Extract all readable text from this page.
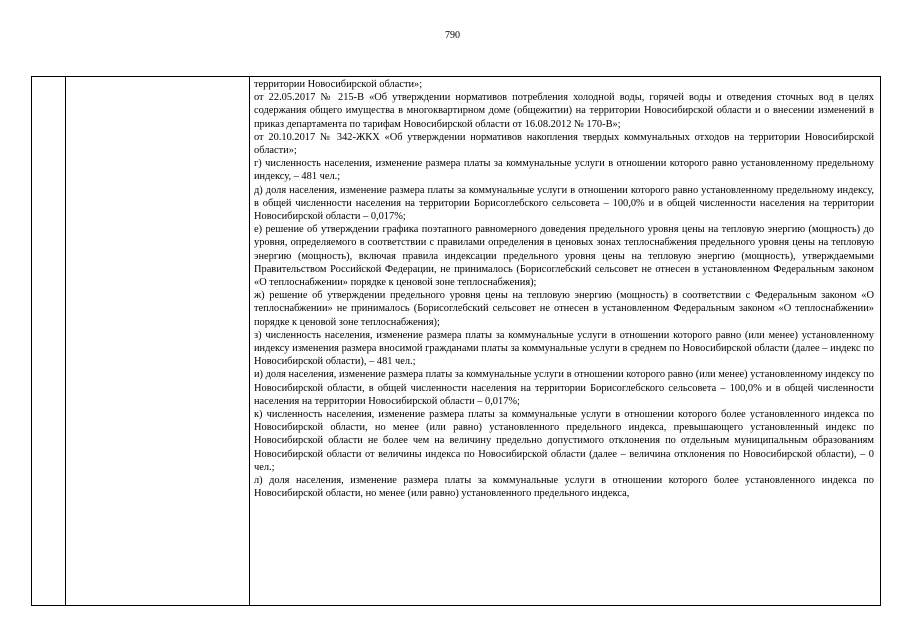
790

территории Новосибирской области»;

от 22.05.2017 № 215-В «Об утверждении нормативов потребления холодной воды, горячей воды и отведения сточных вод в целях содержания общего имущества в многоквартирном доме (общежитии) на территории Новосибирской области и о внесении изменений в приказ департамента по тарифам Новосибирской области от 16.08.2012 № 170-В»;

от 20.10.2017 № 342-ЖКХ «Об утверждении нормативов накопления твердых коммунальных отходов на территории Новосибирской области»;

г) численность населения, изменение размера платы за коммунальные услуги в отношении которого равно установленному предельному индексу, – 481 чел.;

д) доля населения, изменение размера платы за коммунальные услуги в отношении которого равно установленному предельному индексу, в общей численности населения на территории Борисоглебского сельсовета – 100,0% и в общей численности населения на территории Новосибирской области – 0,017%;

е) решение об утверждении графика поэтапного равномерного доведения предельного уровня цены на тепловую энергию (мощность) до уровня, определяемого в соответствии с правилами определения в ценовых зонах теплоснабжения предельного уровня цены на тепловую энергию (мощность), включая правила индексации предельного уровня цены на тепловую энергию (мощность), утверждаемыми Правительством Российской Федерации, не принималось (Борисоглебский сельсовет не отнесен в установленном Федеральным законом «О теплоснабжении» порядке к ценовой зоне теплоснабжения);

ж) решение об утверждении предельного уровня цены на тепловую энергию (мощность) в соответствии с Федеральным законом «О теплоснабжении» не принималось (Борисоглебский сельсовет не отнесен в установленном Федеральным законом «О теплоснабжении» порядке к ценовой зоне теплоснабжения);

з) численность населения, изменение размера платы за коммунальные услуги в отношении которого равно (или менее) установленному индексу изменения размера вносимой гражданами платы за коммунальные услуги в среднем по Новосибирской области (далее – индекс по Новосибирской области), – 481 чел.;

и) доля населения, изменение размера платы за коммунальные услуги в отношении которого равно (или менее) установленному индексу по Новосибирской области, в общей численности населения на территории Борисоглебского сельсовета – 100,0% и в общей численности населения на территории Новосибирской области – 0,017%;

к) численность населения, изменение размера платы за коммунальные услуги в отношении которого более установленного индекса по Новосибирской области, но менее (или равно) установленного предельного индекса, превышающего установленный индекс по Новосибирской области не более чем на величину предельно допустимого отклонения по отдельным муниципальным образованиям Новосибирской области от величины индекса по Новосибирской области (далее – величина отклонения по Новосибирской области), – 0 чел.;

л) доля населения, изменение размера платы за коммунальные услуги в отношении которого более установленного индекса по Новосибирской области, но менее (или равно) установленного предельного индекса,
